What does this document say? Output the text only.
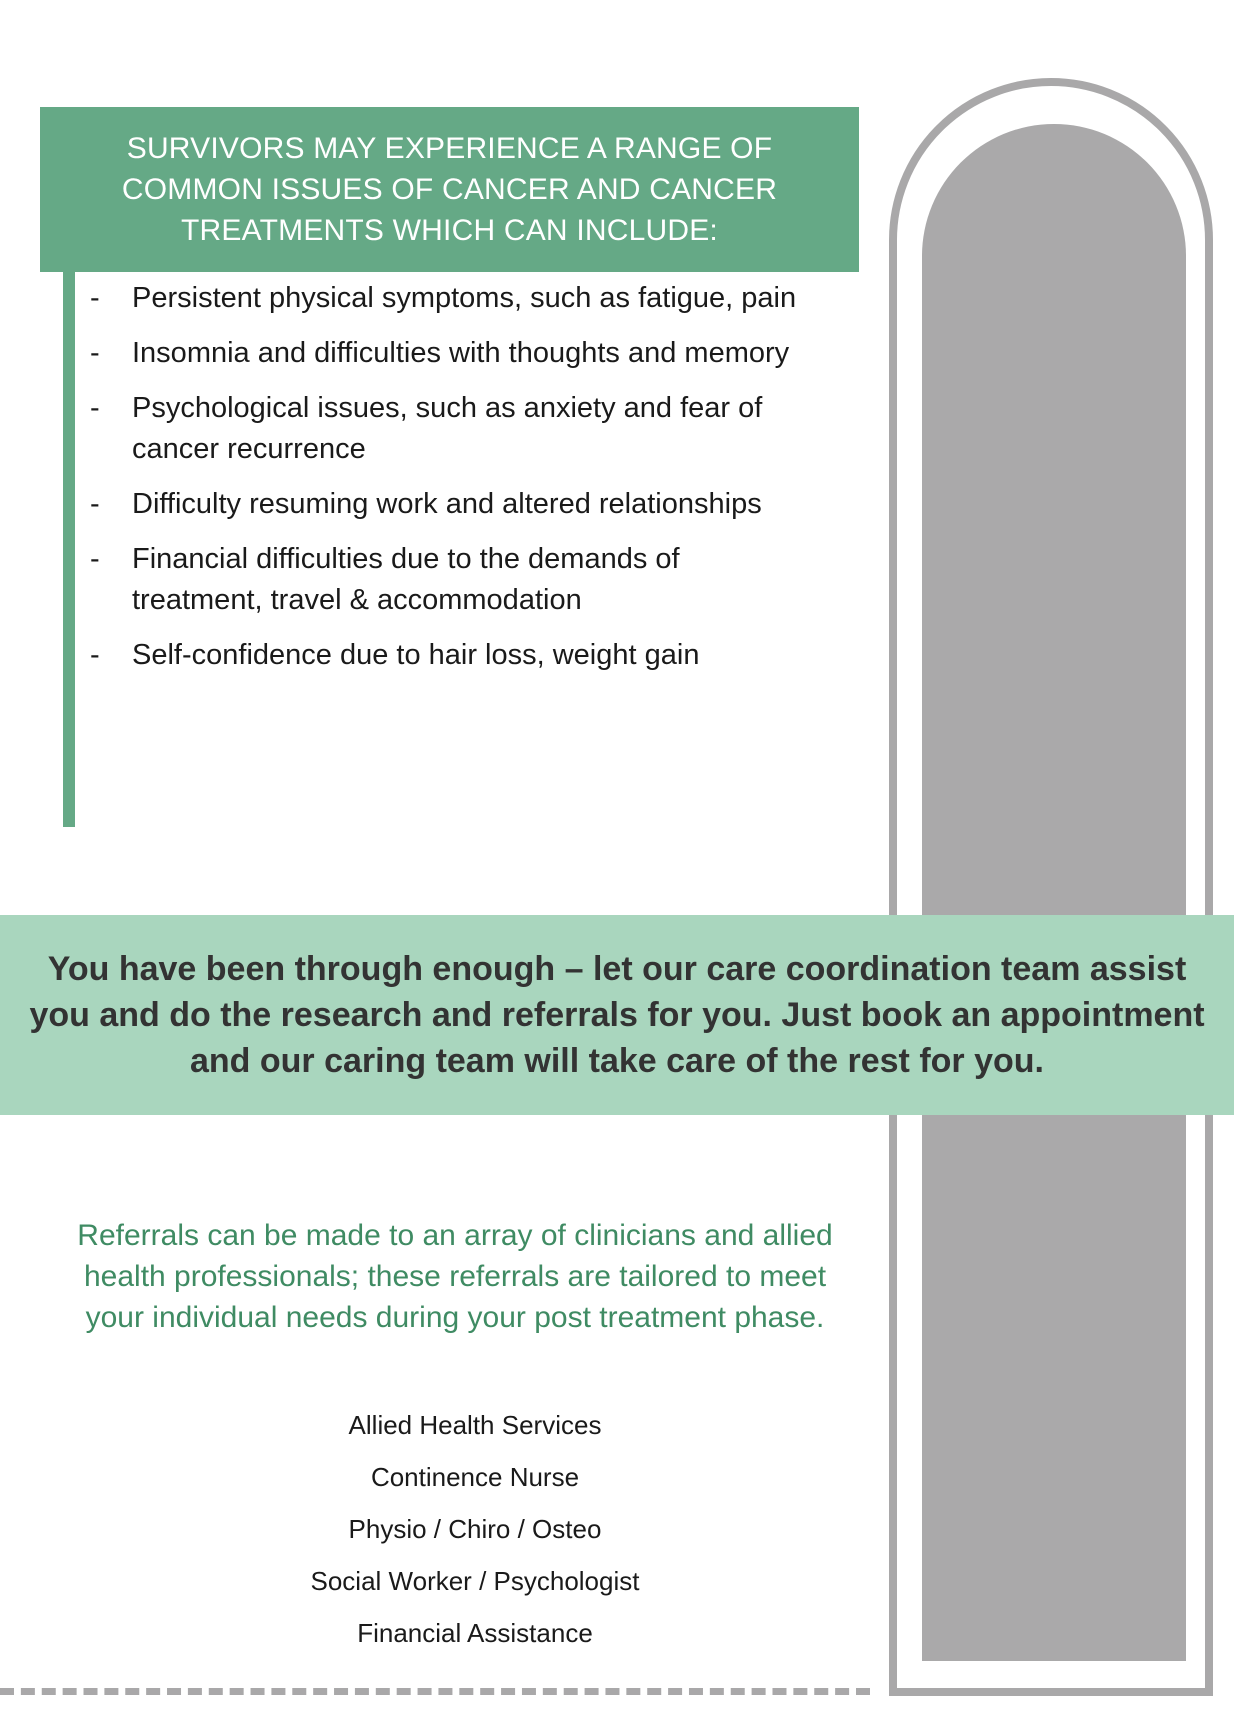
SURVIVORS MAY EXPERIENCE A RANGE OF
COMMON ISSUES OF CANCER AND CANCER
TREATMENTS WHICH CAN INCLUDE:

- Persistent physical symptoms, such as fatigue, pain
- Insomnia and difficulties with thoughts and memory
- Psychological issues, such as anxiety and fear of cancer recurrence
- Difficulty resuming work and altered relationships
- Financial difficulties due to the demands of treatment, travel & accommodation
- Self-confidence due to hair loss, weight gain

You have been through enough – let our care coordination team assist you and do the research and referrals for you. Just book an appointment and our caring team will take care of the rest for you.

Referrals can be made to an array of clinicians and allied health professionals; these referrals are tailored to meet your individual needs during your post treatment phase.

Allied Health Services
Continence Nurse
Physio / Chiro / Osteo
Social Worker / Psychologist
Financial Assistance
